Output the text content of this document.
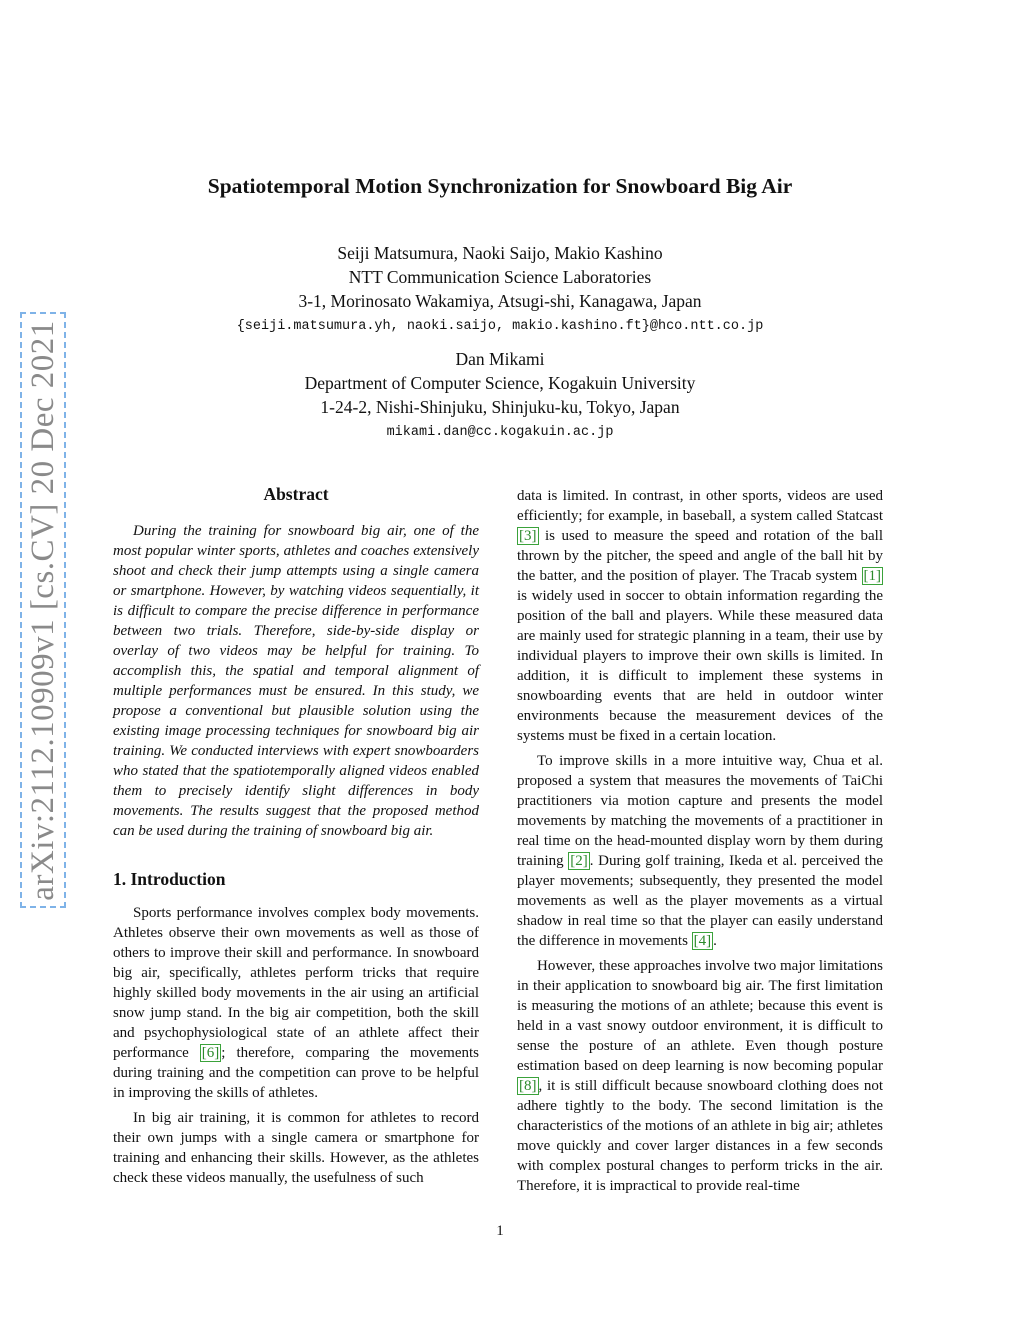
arXiv:2112.10909v1 [cs.CV] 20 Dec 2021
Spatiotemporal Motion Synchronization for Snowboard Big Air
Seiji Matsumura, Naoki Saijo, Makio Kashino
NTT Communication Science Laboratories
3-1, Morinosato Wakamiya, Atsugi-shi, Kanagawa, Japan
{seiji.matsumura.yh, naoki.saijo, makio.kashino.ft}@hco.ntt.co.jp
Dan Mikami
Department of Computer Science, Kogakuin University
1-24-2, Nishi-Shinjuku, Shinjuku-ku, Tokyo, Japan
mikami.dan@cc.kogakuin.ac.jp
Abstract

During the training for snowboard big air, one of the most popular winter sports, athletes and coaches extensively shoot and check their jump attempts using a single camera or smartphone. However, by watching videos sequentially, it is difficult to compare the precise difference in performance between two trials. Therefore, side-by-side display or overlay of two videos may be helpful for training. To accomplish this, the spatial and temporal alignment of multiple performances must be ensured. In this study, we propose a conventional but plausible solution using the existing image processing techniques for snowboard big air training. We conducted interviews with expert snowboarders who stated that the spatiotemporally aligned videos enabled them to precisely identify slight differences in body movements. The results suggest that the proposed method can be used during the training of snowboard big air.

1. Introduction

Sports performance involves complex body movements. Athletes observe their own movements as well as those of others to improve their skill and performance. In snowboard big air, specifically, athletes perform tricks that require highly skilled body movements in the air using an artificial snow jump stand. In the big air competition, both the skill and psychophysiological state of an athlete affect their performance [6] ; therefore, comparing the movements during training and the competition can prove to be helpful in improving the skills of athletes.

In big air training, it is common for athletes to record their own jumps with a single camera or smartphone for training and enhancing their skills. However, as the athletes check these videos manually, the usefulness of such

data is limited. In contrast, in other sports, videos are used efficiently; for example, in baseball, a system called Statcast [3] is used to measure the speed and rotation of the ball thrown by the pitcher, the speed and angle of the ball hit by the batter, and the position of player. The Tracab system [1] is widely used in soccer to obtain information regarding the position of the ball and players. While these measured data are mainly used for strategic planning in a team, their use by individual players to improve their own skills is limited. In addition, it is difficult to implement these systems in snowboarding events that are held in outdoor winter environments because the measurement devices of the systems must be fixed in a certain location.

To improve skills in a more intuitive way, Chua et al. proposed a system that measures the movements of TaiChi practitioners via motion capture and presents the model movements by matching the movements of a practitioner in real time on the head-mounted display worn by them during training [2] . During golf training, Ikeda et al. perceived the player movements; subsequently, they presented the model movements as well as the player movements as a virtual shadow in real time so that the player can easily understand the difference in movements [4] .

However, these approaches involve two major limitations in their application to snowboard big air. The first limitation is measuring the motions of an athlete; because this event is held in a vast snowy outdoor environment, it is difficult to sense the posture of an athlete. Even though posture estimation based on deep learning is now becoming popular [8] , it is still difficult because snowboard clothing does not adhere tightly to the body. The second limitation is the characteristics of the motions of an athlete in big air; athletes move quickly and cover larger distances in a few seconds with complex postural changes to perform tricks in the air. Therefore, it is impractical to provide real-time

1
